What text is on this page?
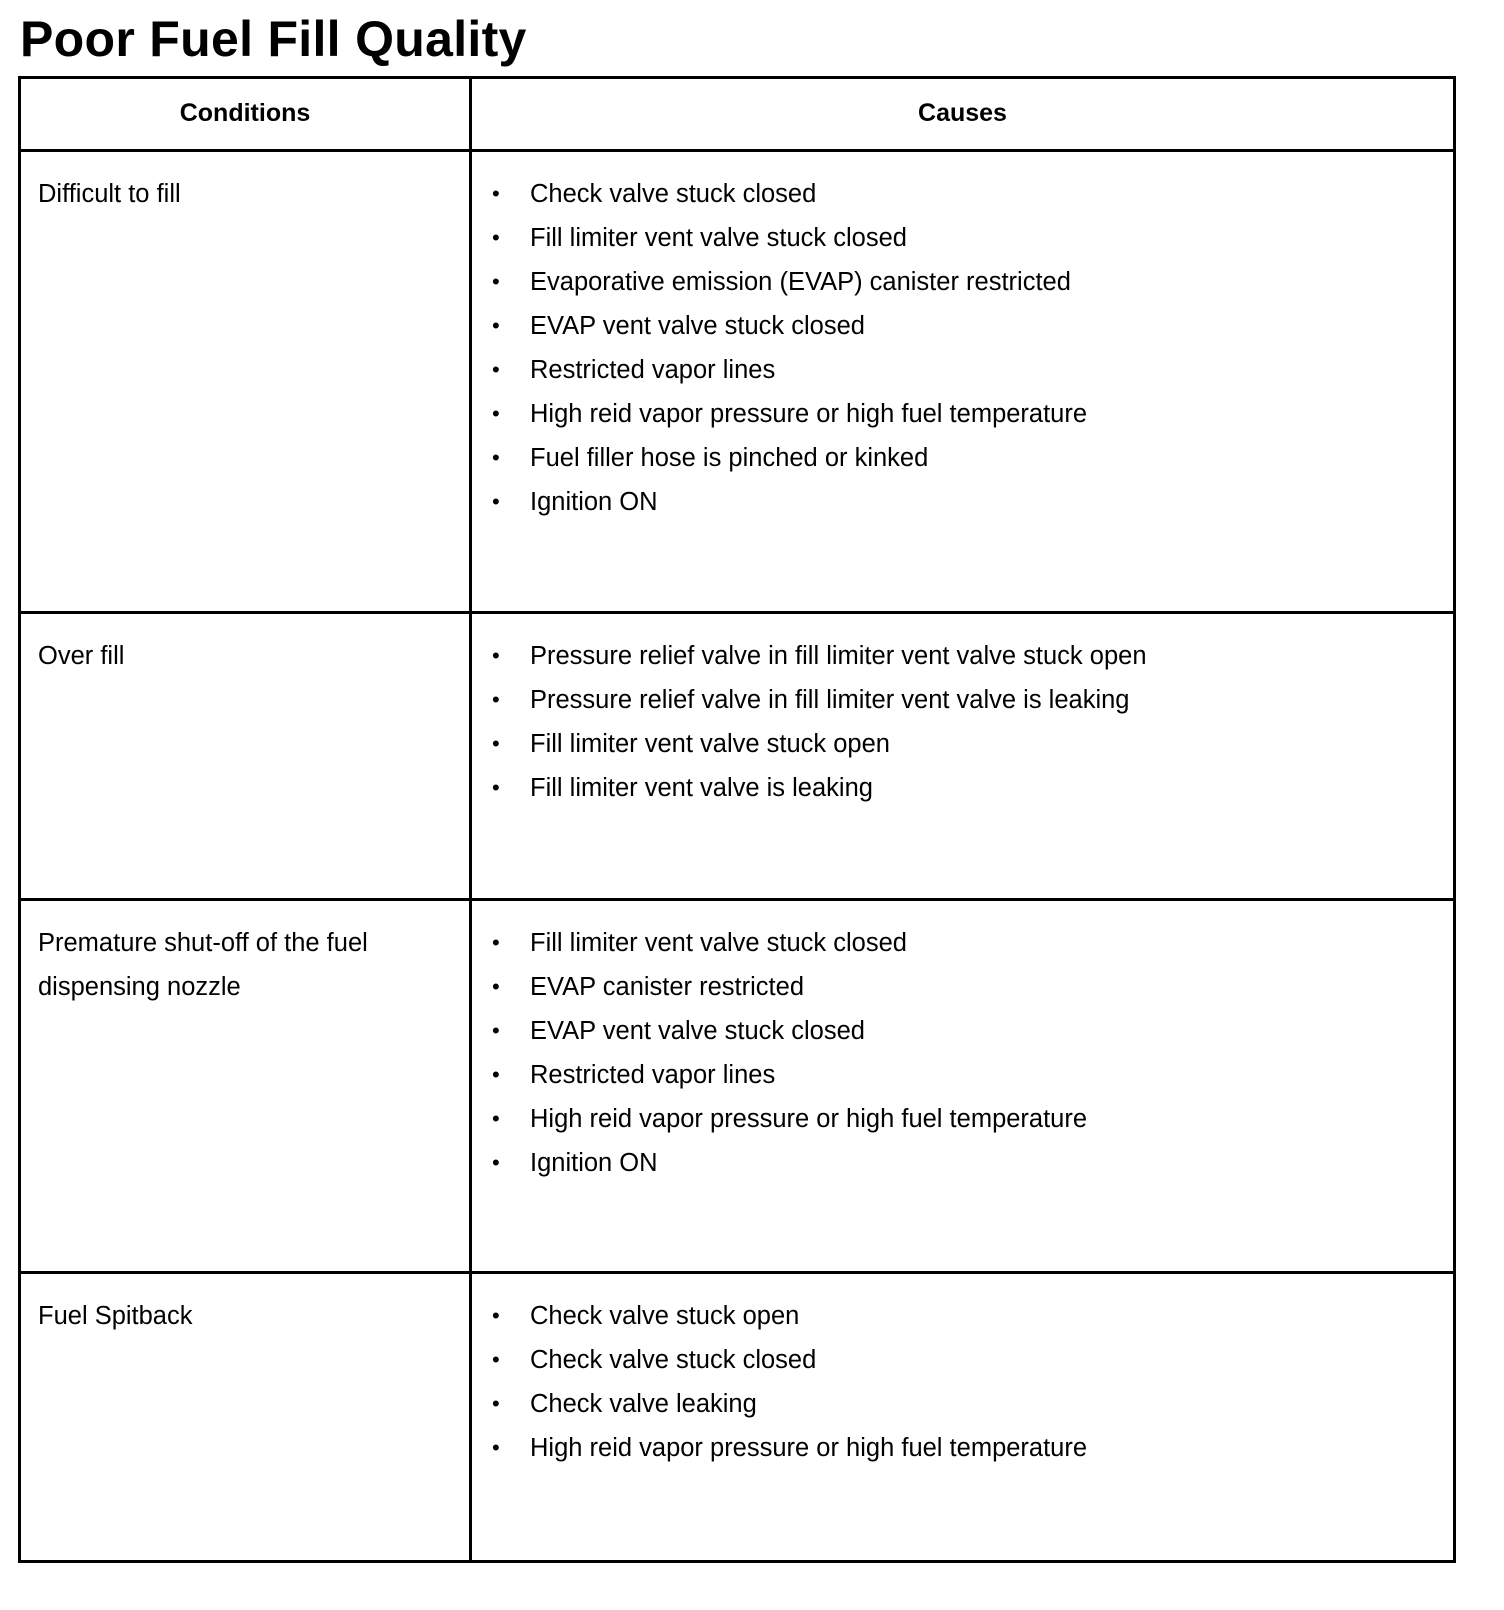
Poor Fuel Fill Quality
Conditions	Causes
Difficult to fill	•	Check valve stuck closed
•	Fill limiter vent valve stuck closed
•	Evaporative emission (EVAP) canister restricted
•	EVAP vent valve stuck closed
•	Restricted vapor lines
•	High reid vapor pressure or high fuel temperature
•	Fuel filler hose is pinched or kinked
•	Ignition ON
Over fill	•	Pressure relief valve in fill limiter vent valve stuck open
•	Pressure relief valve in fill limiter vent valve is leaking
•	Fill limiter vent valve stuck open
•	Fill limiter vent valve is leaking
Premature shut-off of the fuel dispensing nozzle
•	Fill limiter vent valve stuck closed
•	EVAP canister restricted
•	EVAP vent valve stuck closed
•	Restricted vapor lines
•	High reid vapor pressure or high fuel temperature
•	Ignition ON
Fuel Spitback	•	Check valve stuck open
•	Check valve stuck closed
•	Check valve leaking
•	High reid vapor pressure or high fuel temperature
